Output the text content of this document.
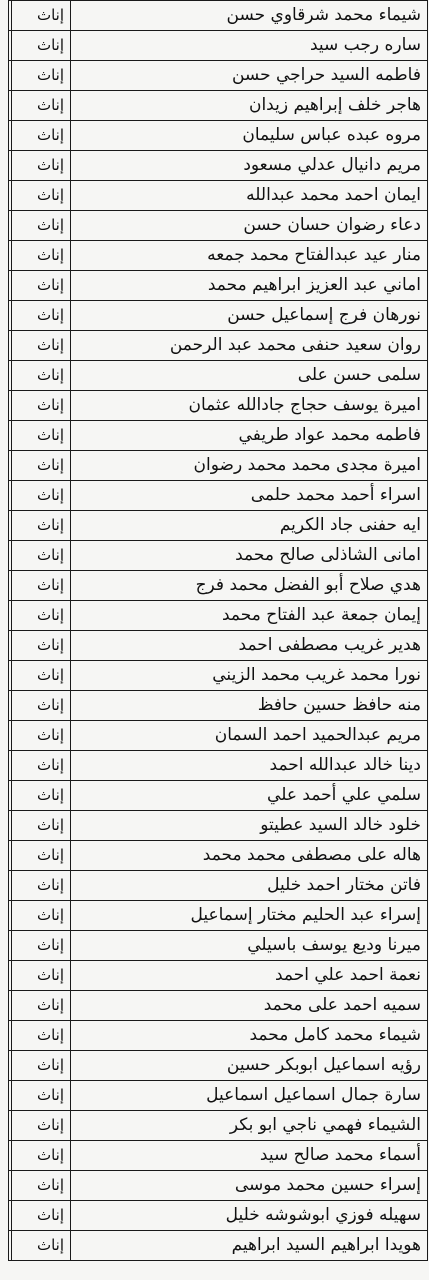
شيماء محمد شرقاوي حسن	إناث	
ساره رجب سيد	إناث	
فاطمه السيد حراجي حسن	إناث	
هاجر خلف إبراهيم زيدان	إناث	
مروه عبده عباس سليمان	إناث	
مريم دانيال عدلي مسعود	إناث	
ايمان احمد محمد عبدالله	إناث	
دعاء رضوان حسان حسن	إناث	
منار عيد عبدالفتاح محمد جمعه	إناث	
اماني عبد العزيز ابراهيم محمد	إناث	
نورهان فرج إسماعيل حسن	إناث	
روان سعيد حنفى محمد عبد الرحمن	إناث	
سلمى حسن على	إناث	
اميرة يوسف حجاج جادالله عثمان	إناث	
فاطمه محمد عواد طريفي	إناث	
اميرة مجدى محمد محمد رضوان	إناث	
اسراء أحمد محمد حلمى	إناث	
ايه حفنى جاد الكريم	إناث	
امانى الشاذلى صالح محمد	إناث	
هدي صلاح أبو الفضل محمد فرج	إناث	
إيمان جمعة عبد الفتاح محمد	إناث	
هدير غريب مصطفى احمد	إناث	
نورا محمد غريب محمد الزيني	إناث	
منه حافظ حسين حافظ	إناث	
مريم عبدالحميد احمد السمان	إناث	
دينا خالد عبدالله احمد	إناث	
سلمي علي أحمد علي	إناث	
خلود خالد السيد عطيتو	إناث	
هاله على مصطفى محمد محمد	إناث	
فاتن مختار احمد خليل	إناث	
إسراء عبد الحليم مختار إسماعيل	إناث	
ميرنا وديع يوسف باسيلي	إناث	
نعمة احمد علي احمد	إناث	
سميه احمد على محمد	إناث	
شيماء محمد كامل محمد	إناث	
رؤيه اسماعيل ابوبكر حسين	إناث	
سارة جمال اسماعيل اسماعيل	إناث	
الشيماء فهمي ناجي ابو بكر	إناث	
أسماء محمد صالح سيد	إناث	
إسراء حسين محمد موسى	إناث	
سهيله فوزي ابوشوشه خليل	إناث	
هويدا ابراهيم السيد ابراهيم	إناث	
